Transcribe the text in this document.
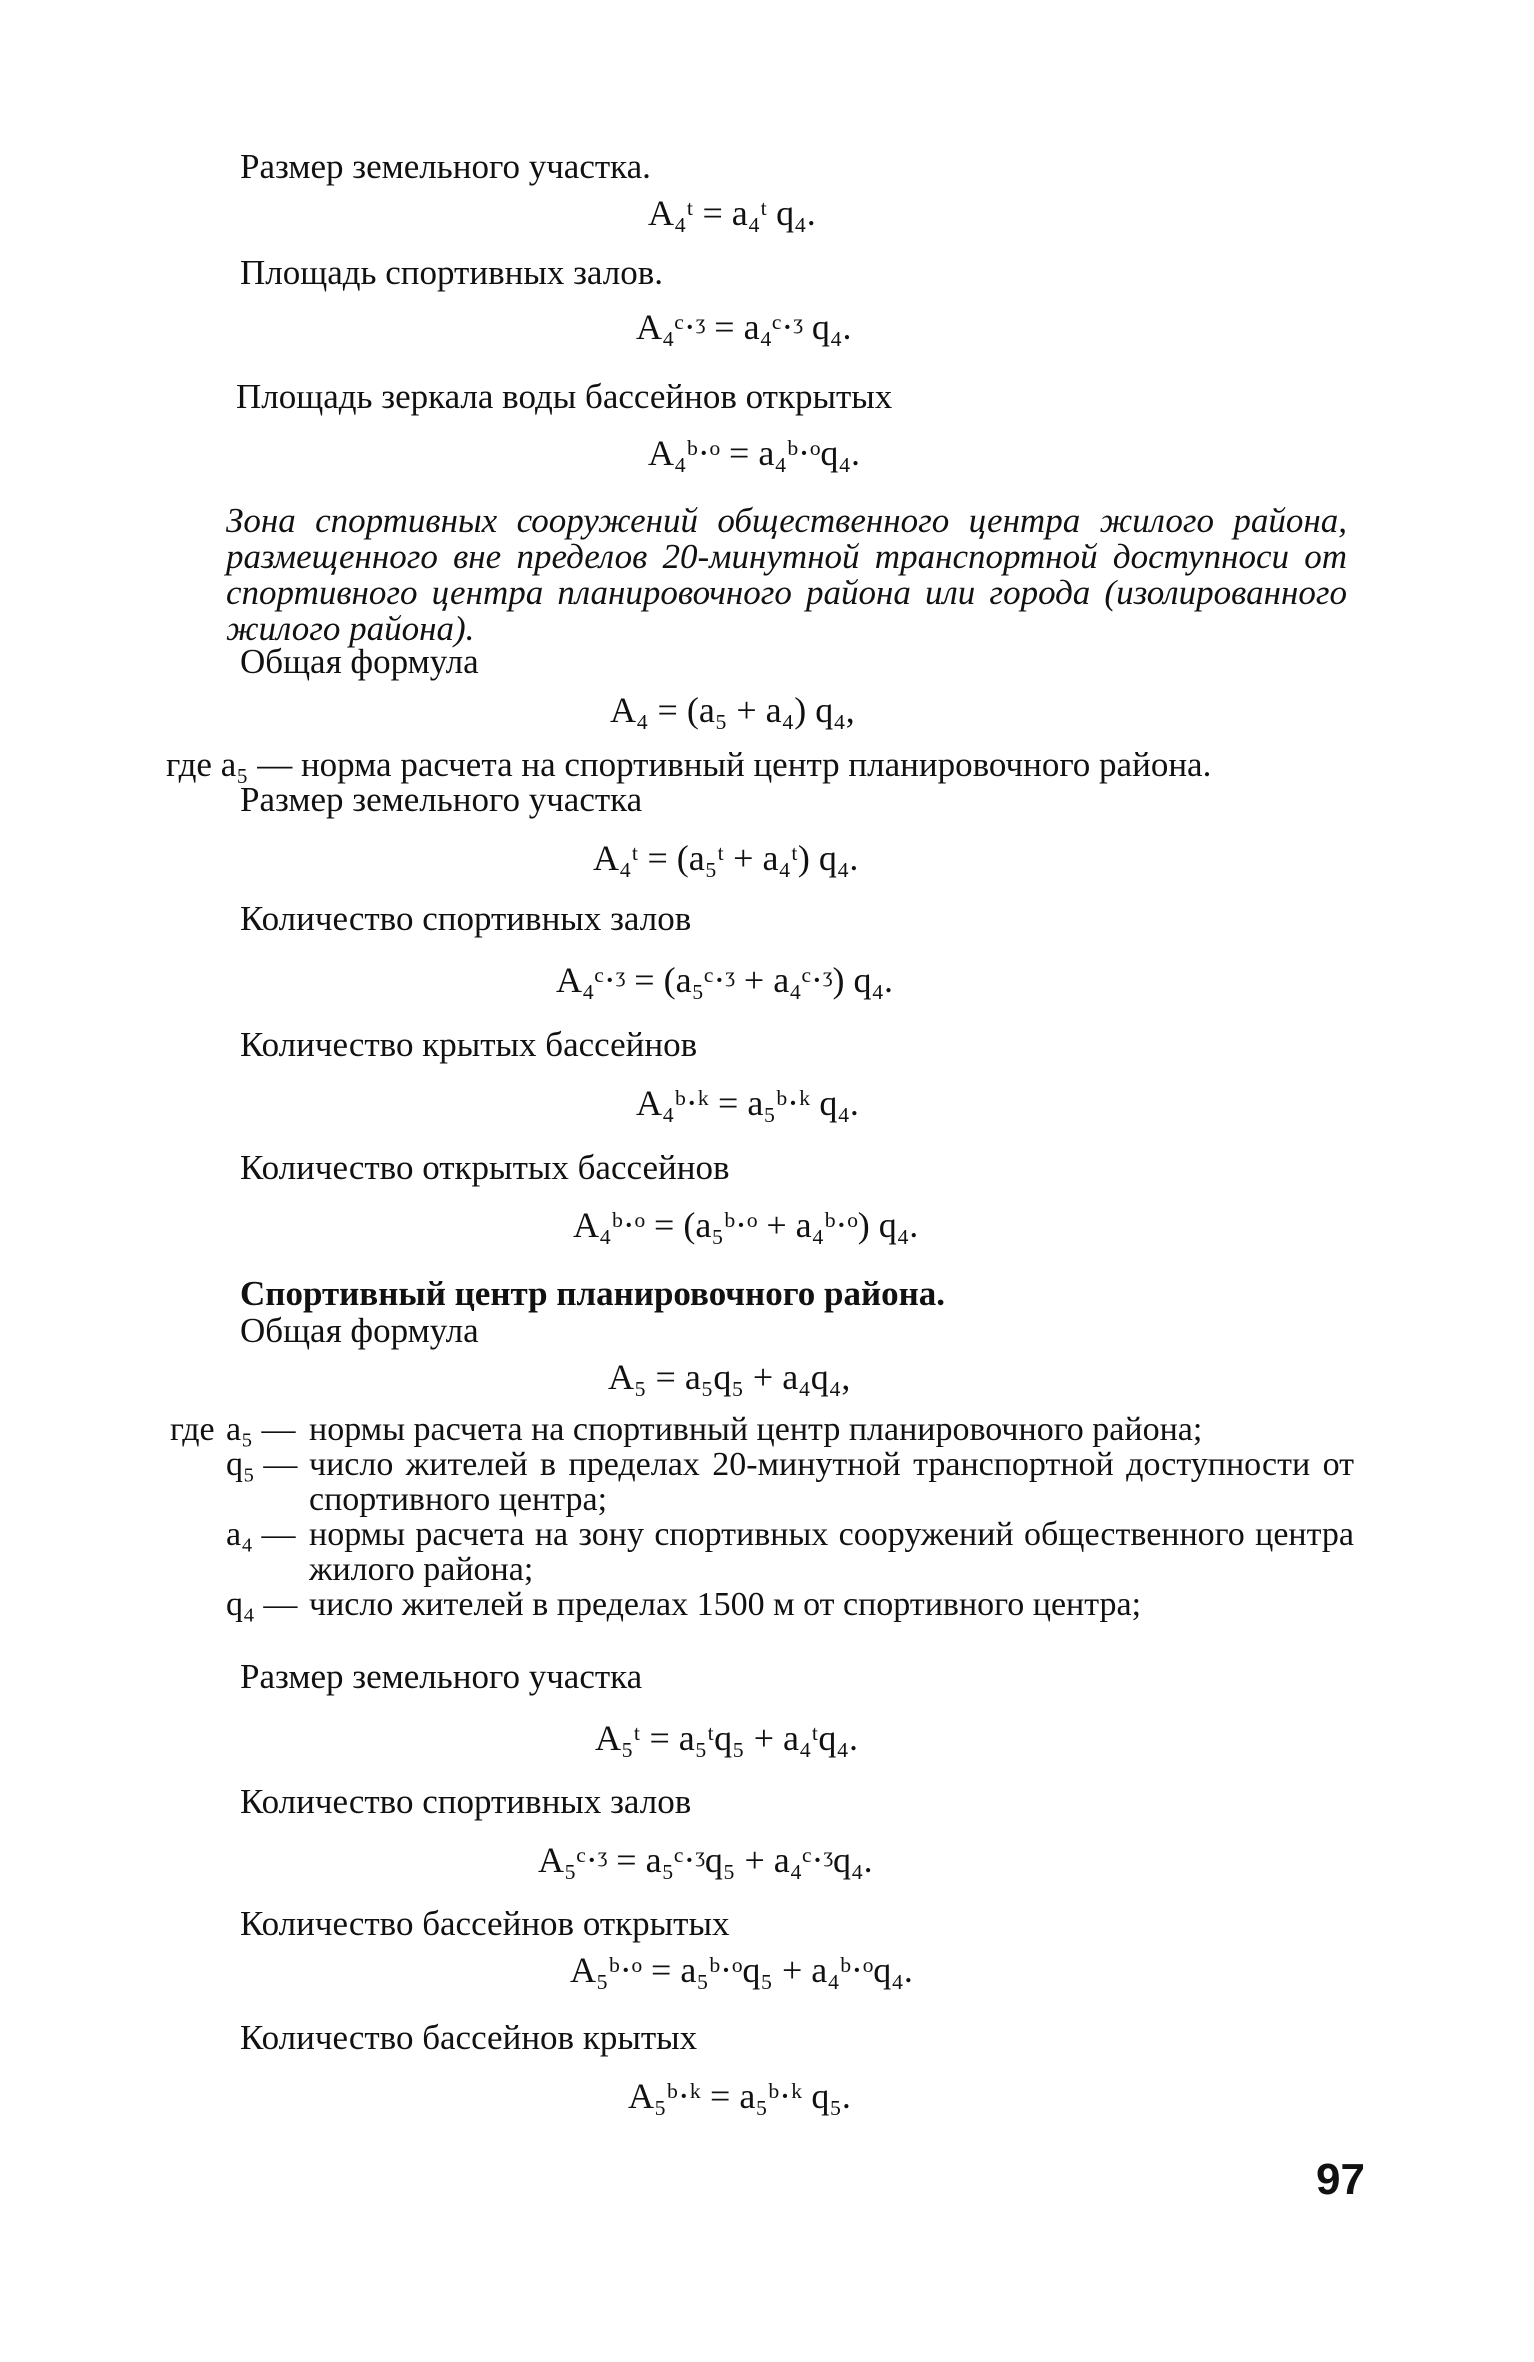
Размер земельного участка.
A₄ᵗ = a₄ᵗ q₄.
Площадь спортивных залов.
A₄ᶜ·ᶾ = a₄ᶜ·ᶾ q₄.
Площадь зеркала воды бассейнов открытых
A₄ᵇ·ᵒ = a₄ᵇ·ᵒq₄.
Зона спортивных сооружений общественного центра жилого района, размещенного вне пределов 20-минутной транспортной доступноси от спортивного центра планировочного района или города (изолированного жилого района).
Общая формула
A₄ = (a₅ + a₄) q₄,
где a₅ — норма расчета на спортивный центр планировочного района.
Размер земельного участка
A₄ᵗ = (a₅ᵗ + a₄ᵗ) q₄.
Количество спортивных залов
A₄ᶜ·ᶾ = (a₅ᶜ·ᶾ + a₄ᶜ·ᶾ) q₄.
Количество крытых бассейнов
A₄ᵇ·ᵏ = a₅ᵇ·ᵏ q₄.
Количество открытых бассейнов
A₄ᵇ·ᵒ = (a₅ᵇ·ᵒ + a₄ᵇ·ᵒ) q₄.
Спортивный центр планировочного района.
Общая формула
A₅ = a₅q₅ + a₄q₄,
где a₅ — нормы расчета на спортивный центр планировочного района;
q₅ — число жителей в пределах 20-минутной транспортной доступности от спортивного центра;
a₄ — нормы расчета на зону спортивных сооружений общественного центра жилого района;
q₄ — число жителей в пределах 1500 м от спортивного центра;
Размер земельного участка
A₅ᵗ = a₅ᵗq₅ + a₄ᵗq₄.
Количество спортивных залов
A₅ᶜ·ᶾ = a₅ᶜ·ᶾq₅ + a₄ᶜ·ᶾq₄.
Количество бассейнов открытых
A₅ᵇ·ᵒ = a₅ᵇ·ᵒq₅ + a₄ᵇ·ᵒq₄.
Количество бассейнов крытых
A₅ᵇ·ᵏ = a₅ᵇ·ᵏ q₅.
97
